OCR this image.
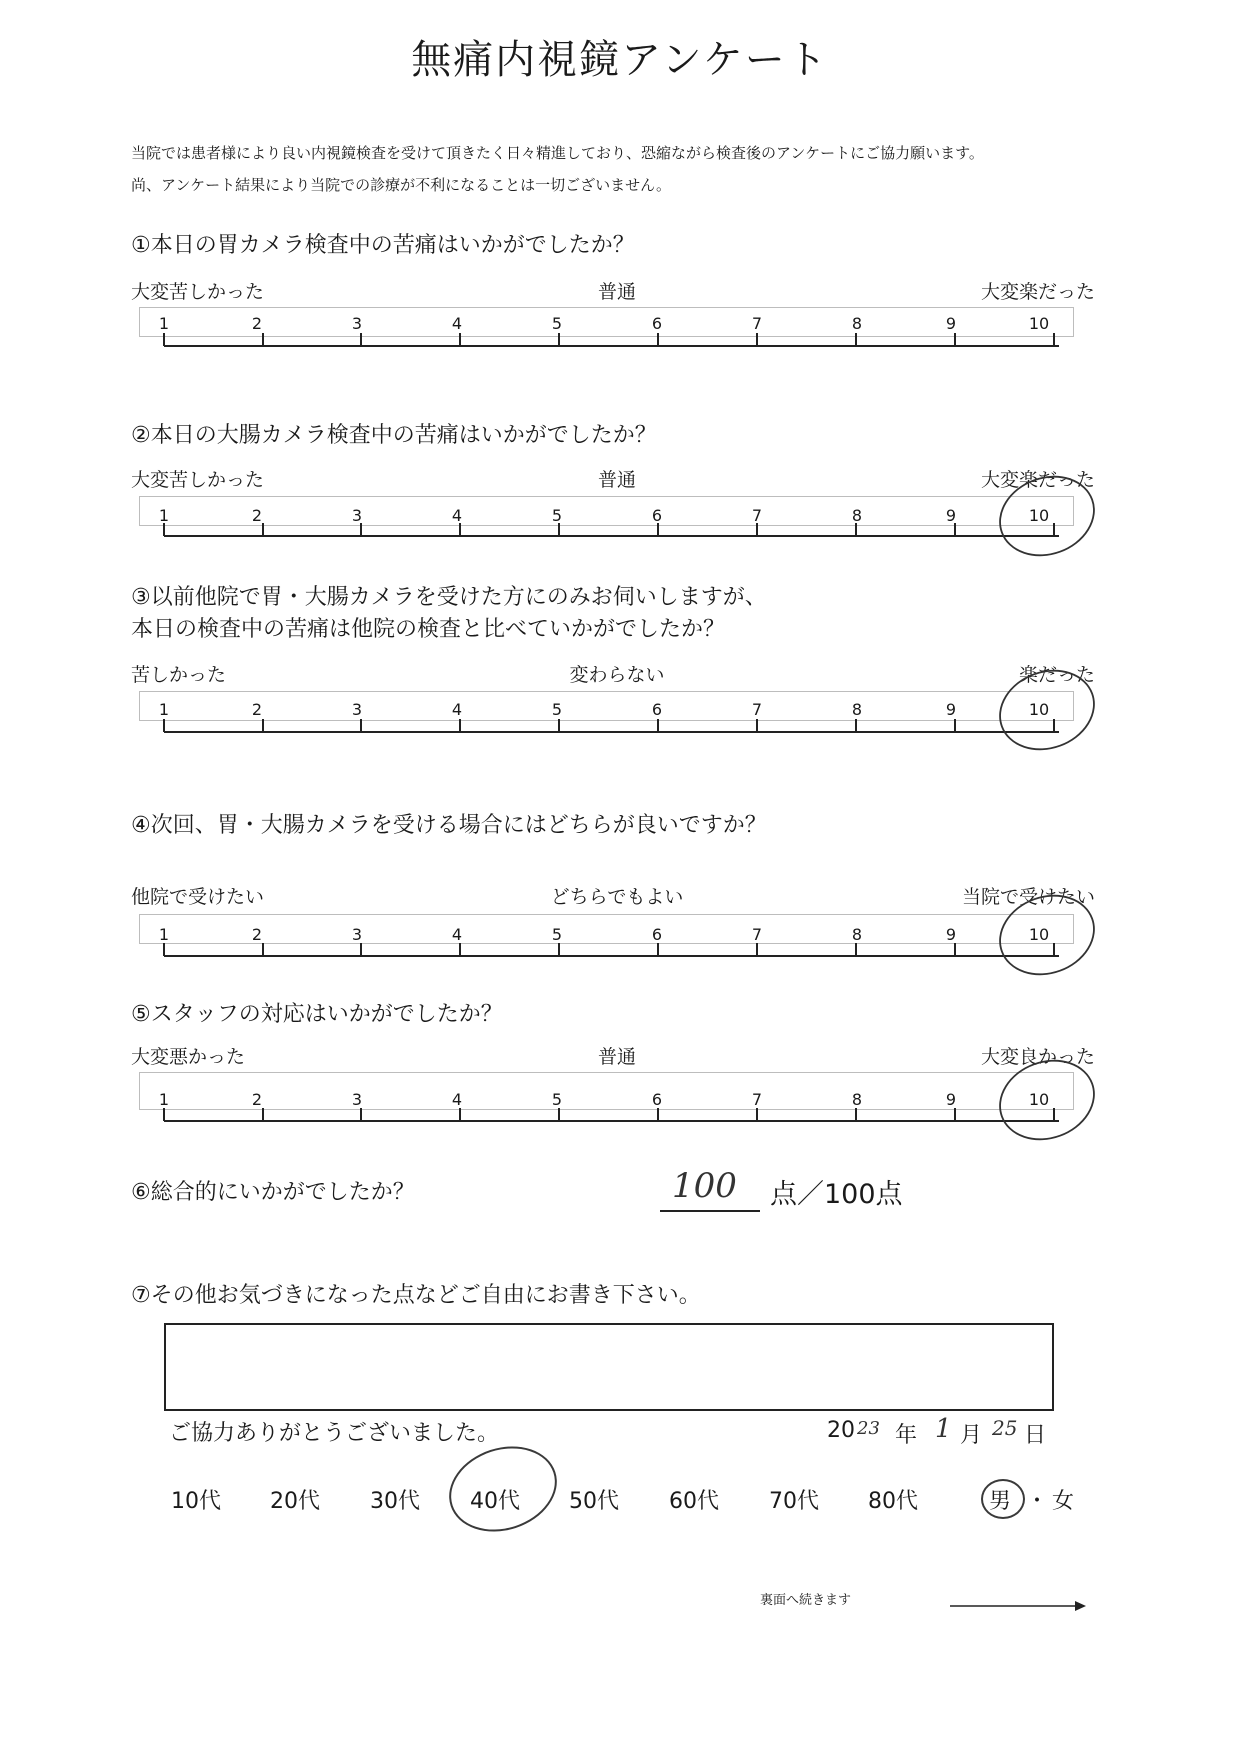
無痛内視鏡アンケート
当院では患者様により良い内視鏡検査を受けて頂きたく日々精進しており、恐縮ながら検査後のアンケートにご協力願います。
尚、アンケート結果により当院での診療が不利になることは一切ございません。
①本日の胃カメラ検査中の苦痛はいかがでしたか？
大変苦しかった	普通	大変楽だった
1	2	3	4	5	6	7	8	9	10
②本日の大腸カメラ検査中の苦痛はいかがでしたか？
大変苦しかった	普通	大変楽だった
1	2	3	4	5	6	7	8	9	10
③以前他院で胃・大腸カメラを受けた方にのみお伺いしますが、
本日の検査中の苦痛は他院の検査と比べていかがでしたか？
苦しかった	変わらない	楽だった
1	2	3	4	5	6	7	8	9	10
④次回、胃・大腸カメラを受ける場合にはどちらが良いですか？
他院で受けたい	どちらでもよい	当院で受けたい
1	2	3	4	5	6	7	8	9	10
⑤スタッフの対応はいかがでしたか？
大変悪かった	普通	大変良かった
1	2	3	4	5	6	7	8	9	10
⑥総合的にいかがでしたか？	100 点／100点
⑦その他お気づきになった点などご自由にお書き下さい。
ご協力ありがとうございました。	20 23 年 1 月 25 日
10代 20代 30代 40代 50代 60代 70代 80代	男 ・ 女
裏面へ続きます
